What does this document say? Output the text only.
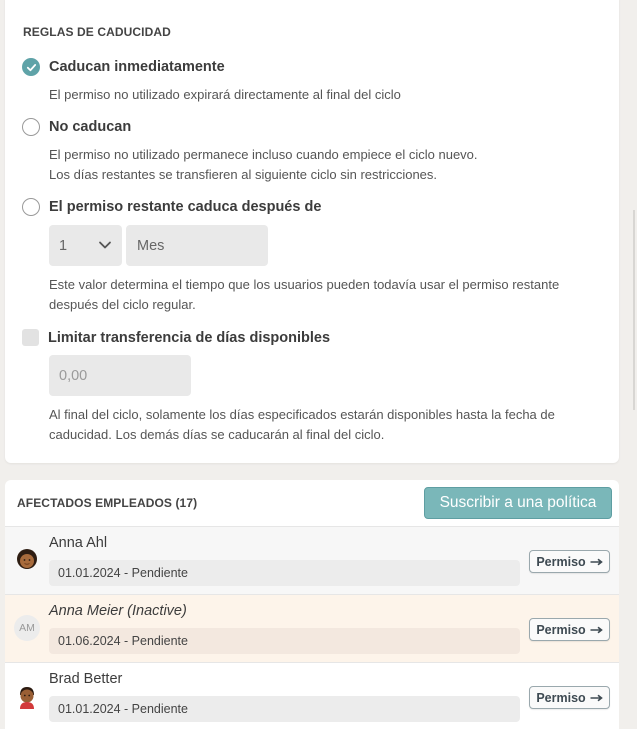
REGLAS DE CADUCIDAD
Caducan inmediatamente
El permiso no utilizado expirará directamente al final del ciclo
No caducan
El permiso no utilizado permanece incluso cuando empiece el ciclo nuevo.
Los días restantes se transfieren al siguiente ciclo sin restricciones.
El permiso restante caduca después de
1	Mes
Este valor determina el tiempo que los usuarios pueden todavía usar el permiso restante
después del ciclo regular.
Limitar transferencia de días disponibles
0,00
Al final del ciclo, solamente los días especificados estarán disponibles hasta la fecha de
caducidad. Los demás días se caducarán al final del ciclo.
AFECTADOS EMPLEADOS (17)	Suscribir a una política
Anna Ahl
01.01.2024 - Pendiente
Permiso
AM
Anna Meier (Inactive)
01.06.2024 - Pendiente
Permiso
Brad Better
01.01.2024 - Pendiente
Permiso
